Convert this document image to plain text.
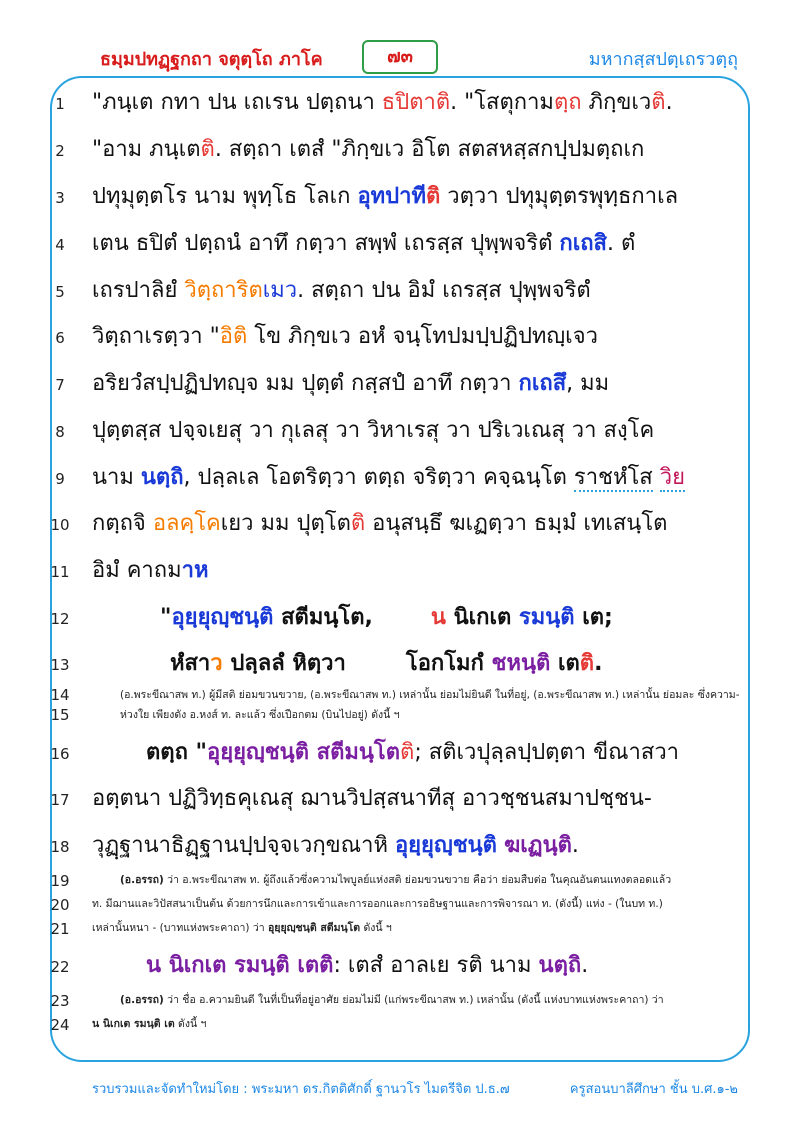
ธมฺมปทฏฺฐกถา จตุตฺโถ ภาโค	๗๓	มหากสฺสปตฺเถรวตฺถุ
1
2
3
4
5
6
7
8
9
10
11
12
13
14
15
16
17
18
19
20
21
22
23
24
"ภนฺเต กทา ปน เถเรน ปตฺถนา ธปิตาติ. "โสตุกามตฺถ ภิกฺขเวติ.
"อาม ภนฺเตติ. สตฺถา เตสํ "ภิกฺขเว อิโต สตสหสฺสกปฺปมตฺถเก
ปทุมุตฺตโร นาม พุทฺโธ โลเก อุทปาทีติ วตฺวา ปทุมุตฺตรพุทฺธกาเล
เตน ธปิตํ ปตฺถนํ อาทึ กตฺวา สพฺพํ เถรสฺส ปุพฺพจริตํ กเถสิ. ตํ
เถรปาลิยํ วิตฺถาริตเมว. สตฺถา ปน อิมํ เถรสฺส ปุพฺพจริตํ
วิตฺถาเรตฺวา "อิติ โข ภิกฺขเว อหํ จนฺโทปมปฺปฏิปทญฺเจว
อริยวํสปฺปฏิปทญฺจ มม ปุตฺตํ กสฺสปํ อาทึ กตฺวา กเถสึ, มม
ปุตฺตสฺส ปจฺจเยสุ วา กุเลสุ วา วิหาเรสุ วา ปริเวเณสุ วา สงฺโค
นาม นตฺถิ, ปลฺลเล โอตริตฺวา ตตฺถ จริตฺวา คจฺฉนฺโต ราชหํโส วิย
กตฺถจิ อลคฺโคเยว มม ปุตฺโตติ อนุสนฺธึ ฆเฏตฺวา ธมฺมํ เทเสนฺโต
อิมํ คาถมาห
"อุยฺยุญฺชนฺติ สตีมนฺโต,	น นิเกเต รมนฺติ เต;
หํสาว ปลฺลลํ หิตฺวา	โอกโมกํ ชหนฺติ เตติ.
(อ.พระขีณาสพ ท.) ผู้มีสติ ย่อมขวนขวาย, (อ.พระขีณาสพ ท.) เหล่านั้น ย่อมไม่ยินดี ในที่อยู่, (อ.พระขีณาสพ ท.) เหล่านั้น ย่อมละ ซึ่งความ-
ห่วงใย เพียงดัง อ.หงส์ ท. ละแล้ว ซึ่งเปือกตม (บินไปอยู่) ดังนี้ ฯ
ตตฺถ "อุยฺยุญฺชนฺติ สตีมนฺโตติ; สติเวปุลฺลปฺปตฺตา ขีณาสวา
อตฺตนา ปฏิวิทฺธคุเณสุ ฌานวิปสฺสนาทีสุ อาวชฺชนสมาปชฺชน-
วุฏฺฐานาธิฏฺฐานปฺปจฺจเวกฺขณาหิ อุยฺยุญฺชนฺติ ฆเฏนฺติ.
(อ.อรรถ) ว่า อ.พระขีณาสพ ท. ผู้ถึงแล้วซึ่งความไพบูลย์แห่งสติ ย่อมขวนขวาย คือว่า ย่อมสืบต่อ ในคุณอันตนแทงตลอดแล้ว
ท. มีฌานและวิปัสสนาเป็นต้น ด้วยการนึกและการเข้าและการออกและการอธิษฐานและการพิจารณา ท. (ดังนี้) แห่ง - (ในบท ท.)
เหล่านั้นหนา - (บาทแห่งพระคาถา) ว่า อุยฺยุญฺชนฺติ สตีมนฺโต ดังนี้ ฯ
น นิเกเต รมนฺติ เตติ: เตสํ อาลเย รติ นาม นตฺถิ.
(อ.อรรถ) ว่า ชื่อ อ.ความยินดี ในที่เป็นที่อยู่อาศัย ย่อมไม่มี (แก่พระขีณาสพ ท.) เหล่านั้น (ดังนี้ แห่งบาทแห่งพระคาถา) ว่า
น นิเกเต รมนฺติ เต ดังนี้ ฯ
รวบรวมและจัดทำใหม่โดย : พระมหา ดร.กิตติศักดิ์ ฐานวโร ไมตรีจิต ป.ธ.๗	ครูสอนบาลีศึกษา ชั้น บ.ศ.๑-๒
